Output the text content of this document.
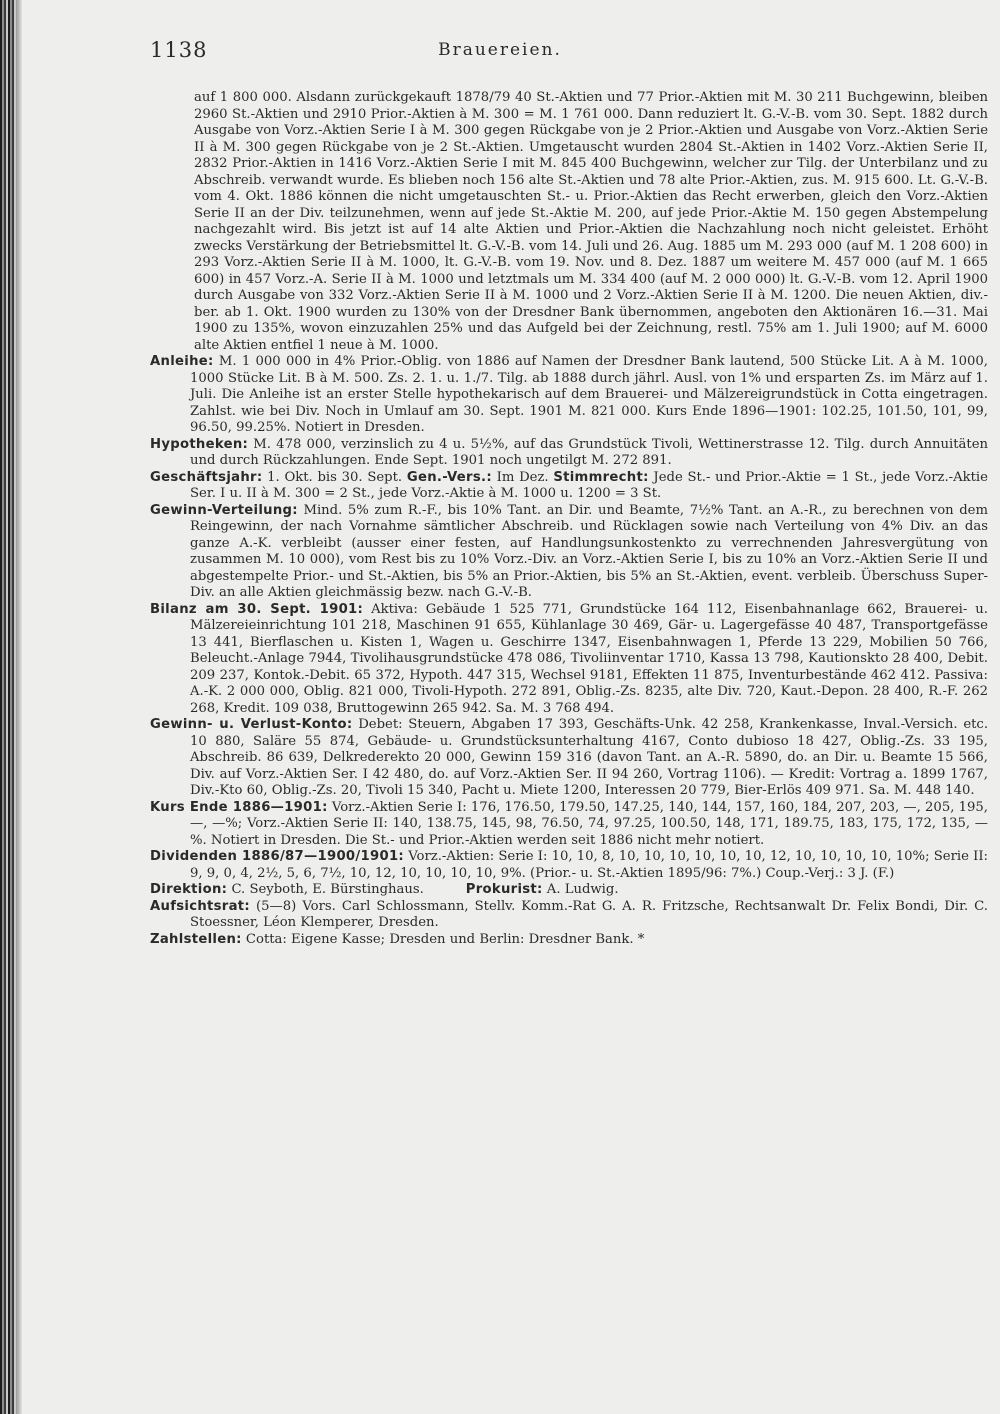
1138	Brauereien.

auf 1 800 000. Alsdann zurückgekauft 1878/79 40 St.-Aktien und 77 Prior.-Aktien mit M. 30 211 Buchgewinn, bleiben 2960 St.-Aktien und 2910 Prior.-Aktien à M. 300 = M. 1 761 000. Dann reduziert lt. G.-V.-B. vom 30. Sept. 1882 durch Ausgabe von Vorz.-Aktien Serie I à M. 300 gegen Rückgabe von je 2 Prior.-Aktien und Ausgabe von Vorz.-Aktien Serie II à M. 300 gegen Rückgabe von je 2 St.-Aktien. Umgetauscht wurden 2804 St.-Aktien in 1402 Vorz.-Aktien Serie II, 2832 Prior.-Aktien in 1416 Vorz.-Aktien Serie I mit M. 845 400 Buchgewinn, welcher zur Tilg. der Unterbilanz und zu Abschreib. verwandt wurde. Es blieben noch 156 alte St.-Aktien und 78 alte Prior.-Aktien, zus. M. 915 600. Lt. G.-V.-B. vom 4. Okt. 1886 können die nicht umgetauschten St.- u. Prior.-Aktien das Recht erwerben, gleich den Vorz.-Aktien Serie II an der Div. teilzunehmen, wenn auf jede St.-Aktie M. 200, auf jede Prior.-Aktie M. 150 gegen Abstempelung nachgezahlt wird. Bis jetzt ist auf 14 alte Aktien und Prior.-Aktien die Nachzahlung noch nicht geleistet. Erhöht zwecks Verstärkung der Betriebsmittel lt. G.-V.-B. vom 14. Juli und 26. Aug. 1885 um M. 293 000 (auf M. 1 208 600) in 293 Vorz.-Aktien Serie II à M. 1000, lt. G.-V.-B. vom 19. Nov. und 8. Dez. 1887 um weitere M. 457 000 (auf M. 1 665 600) in 457 Vorz.-A. Serie II à M. 1000 und letztmals um M. 334 400 (auf M. 2 000 000) lt. G.-V.-B. vom 12. April 1900 durch Ausgabe von 332 Vorz.-Aktien Serie II à M. 1000 und 2 Vorz.-Aktien Serie II à M. 1200. Die neuen Aktien, div.-ber. ab 1. Okt. 1900 wurden zu 130% von der Dresdner Bank übernommen, angeboten den Aktionären 16.—31. Mai 1900 zu 135%, wovon einzuzahlen 25% und das Aufgeld bei der Zeichnung, restl. 75% am 1. Juli 1900; auf M. 6000 alte Aktien entfiel 1 neue à M. 1000.

Anleihe: M. 1 000 000 in 4% Prior.-Oblig. von 1886 auf Namen der Dresdner Bank lautend, 500 Stücke Lit. A à M. 1000, 1000 Stücke Lit. B à M. 500. Zs. 2. 1. u. 1./7. Tilg. ab 1888 durch jährl. Ausl. von 1% und ersparten Zs. im März auf 1. Juli. Die Anleihe ist an erster Stelle hypothekarisch auf dem Brauerei- und Mälzereigrundstück in Cotta eingetragen. Zahlst. wie bei Div. Noch in Umlauf am 30. Sept. 1901 M. 821 000. Kurs Ende 1896—1901: 102.25, 101.50, 101, 99, 96.50, 99.25%. Notiert in Dresden.

Hypotheken: M. 478 000, verzinslich zu 4 u. 5½%, auf das Grundstück Tivoli, Wettinerstrasse 12. Tilg. durch Annuitäten und durch Rückzahlungen. Ende Sept. 1901 noch ungetilgt M. 272 891.

Geschäftsjahr: 1. Okt. bis 30. Sept. Gen.-Vers.: Im Dez. Stimmrecht: Jede St.- und Prior.-Aktie = 1 St., jede Vorz.-Aktie Ser. I u. II à M. 300 = 2 St., jede Vorz.-Aktie à M. 1000 u. 1200 = 3 St.

Gewinn-Verteilung: Mind. 5% zum R.-F., bis 10% Tant. an Dir. und Beamte, 7½% Tant. an A.-R., zu berechnen von dem Reingewinn, der nach Vornahme sämtlicher Abschreib. und Rücklagen sowie nach Verteilung von 4% Div. an das ganze A.-K. verbleibt (ausser einer festen, auf Handlungsunkostenkto zu verrechnenden Jahresvergütung von zusammen M. 10 000), vom Rest bis zu 10% Vorz.-Div. an Vorz.-Aktien Serie I, bis zu 10% an Vorz.-Aktien Serie II und abgestempelte Prior.- und St.-Aktien, bis 5% an Prior.-Aktien, bis 5% an St.-Aktien, event. verbleib. Überschuss Super-Div. an alle Aktien gleichmässig bezw. nach G.-V.-B.

Bilanz am 30. Sept. 1901: Aktiva: Gebäude 1 525 771, Grundstücke 164 112, Eisenbahnanlage 662, Brauerei- u. Mälzereieinrichtung 101 218, Maschinen 91 655, Kühlanlage 30 469, Gär- u. Lagergefässe 40 487, Transportgefässe 13 441, Bierflaschen u. Kisten 1, Wagen u. Geschirre 1347, Eisenbahnwagen 1, Pferde 13 229, Mobilien 50 766, Beleucht.-Anlage 7944, Tivolihausgrundstücke 478 086, Tivoliinventar 1710, Kassa 13 798, Kautionskto 28 400, Debit. 209 237, Kontok.-Debit. 65 372, Hypoth. 447 315, Wechsel 9181, Effekten 11 875, Inventurbestände 462 412. Passiva: A.-K. 2 000 000, Oblig. 821 000, Tivoli-Hypoth. 272 891, Oblig.-Zs. 8235, alte Div. 720, Kaut.-Depon. 28 400, R.-F. 262 268, Kredit. 109 038, Bruttogewinn 265 942. Sa. M. 3 768 494.

Gewinn- u. Verlust-Konto: Debet: Steuern, Abgaben 17 393, Geschäfts-Unk. 42 258, Krankenkasse, Inval.-Versich. etc. 10 880, Saläre 55 874, Gebäude- u. Grundstücksunterhaltung 4167, Conto dubioso 18 427, Oblig.-Zs. 33 195, Abschreib. 86 639, Delkrederekto 20 000, Gewinn 159 316 (davon Tant. an A.-R. 5890, do. an Dir. u. Beamte 15 566, Div. auf Vorz.-Aktien Ser. I 42 480, do. auf Vorz.-Aktien Ser. II 94 260, Vortrag 1106). — Kredit: Vortrag a. 1899 1767, Div.-Kto 60, Oblig.-Zs. 20, Tivoli 15 340, Pacht u. Miete 1200, Interessen 20 779, Bier-Erlös 409 971. Sa. M. 448 140.

Kurs Ende 1886—1901: Vorz.-Aktien Serie I: 176, 176.50, 179.50, 147.25, 140, 144, 157, 160, 184, 207, 203, —, 205, 195, —, —%; Vorz.-Aktien Serie II: 140, 138.75, 145, 98, 76.50, 74, 97.25, 100.50, 148, 171, 189.75, 183, 175, 172, 135, —%. Notiert in Dresden. Die St.- und Prior.-Aktien werden seit 1886 nicht mehr notiert.

Dividenden 1886/87—1900/1901: Vorz.-Aktien: Serie I: 10, 10, 8, 10, 10, 10, 10, 10, 10, 12, 10, 10, 10, 10, 10%; Serie II: 9, 9, 0, 4, 2½, 5, 6, 7½, 10, 12, 10, 10, 10, 10, 9%. (Prior.- u. St.-Aktien 1895/96: 7%.) Coup.-Verj.: 3 J. (F.)

Direktion: C. Seyboth, E. Bürstinghaus.	Prokurist: A. Ludwig.

Aufsichtsrat: (5—8) Vors. Carl Schlossmann, Stellv. Komm.-Rat G. A. R. Fritzsche, Rechtsanwalt Dr. Felix Bondi, Dir. C. Stoessner, Léon Klemperer, Dresden.

Zahlstellen: Cotta: Eigene Kasse; Dresden und Berlin: Dresdner Bank. *
